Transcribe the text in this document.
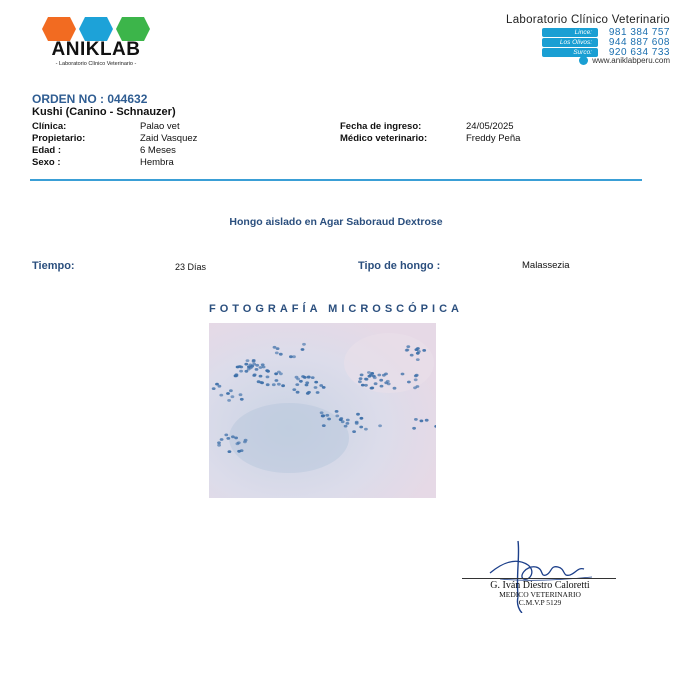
ANIKLAB
- Laboratorio Clínico Veterinario -
Laboratorio Clínico Veterinario
Lince:	981 384 757
Los Olivos:	944 887 608
Surco:	920 634 733
www.aniklabperu.com
ORDEN NO : 044632
Kushi (Canino - Schnauzer)
Clínica:	Palao vet
Propietario:	Zaid Vasquez
Edad :	6 Meses
Sexo :	Hembra
Fecha de ingreso:	24/05/2025
Médico veterinario:	Freddy Peña
Hongo aislado en Agar Saboraud Dextrose
Tiempo:	23 Días	Tipo de hongo :	Malassezia
FOTOGRAFÍA MICROSCÓPICA
G. Iván Diestro Caloretti
MEDICO VETERINARIO
C.M.V.P 5129
